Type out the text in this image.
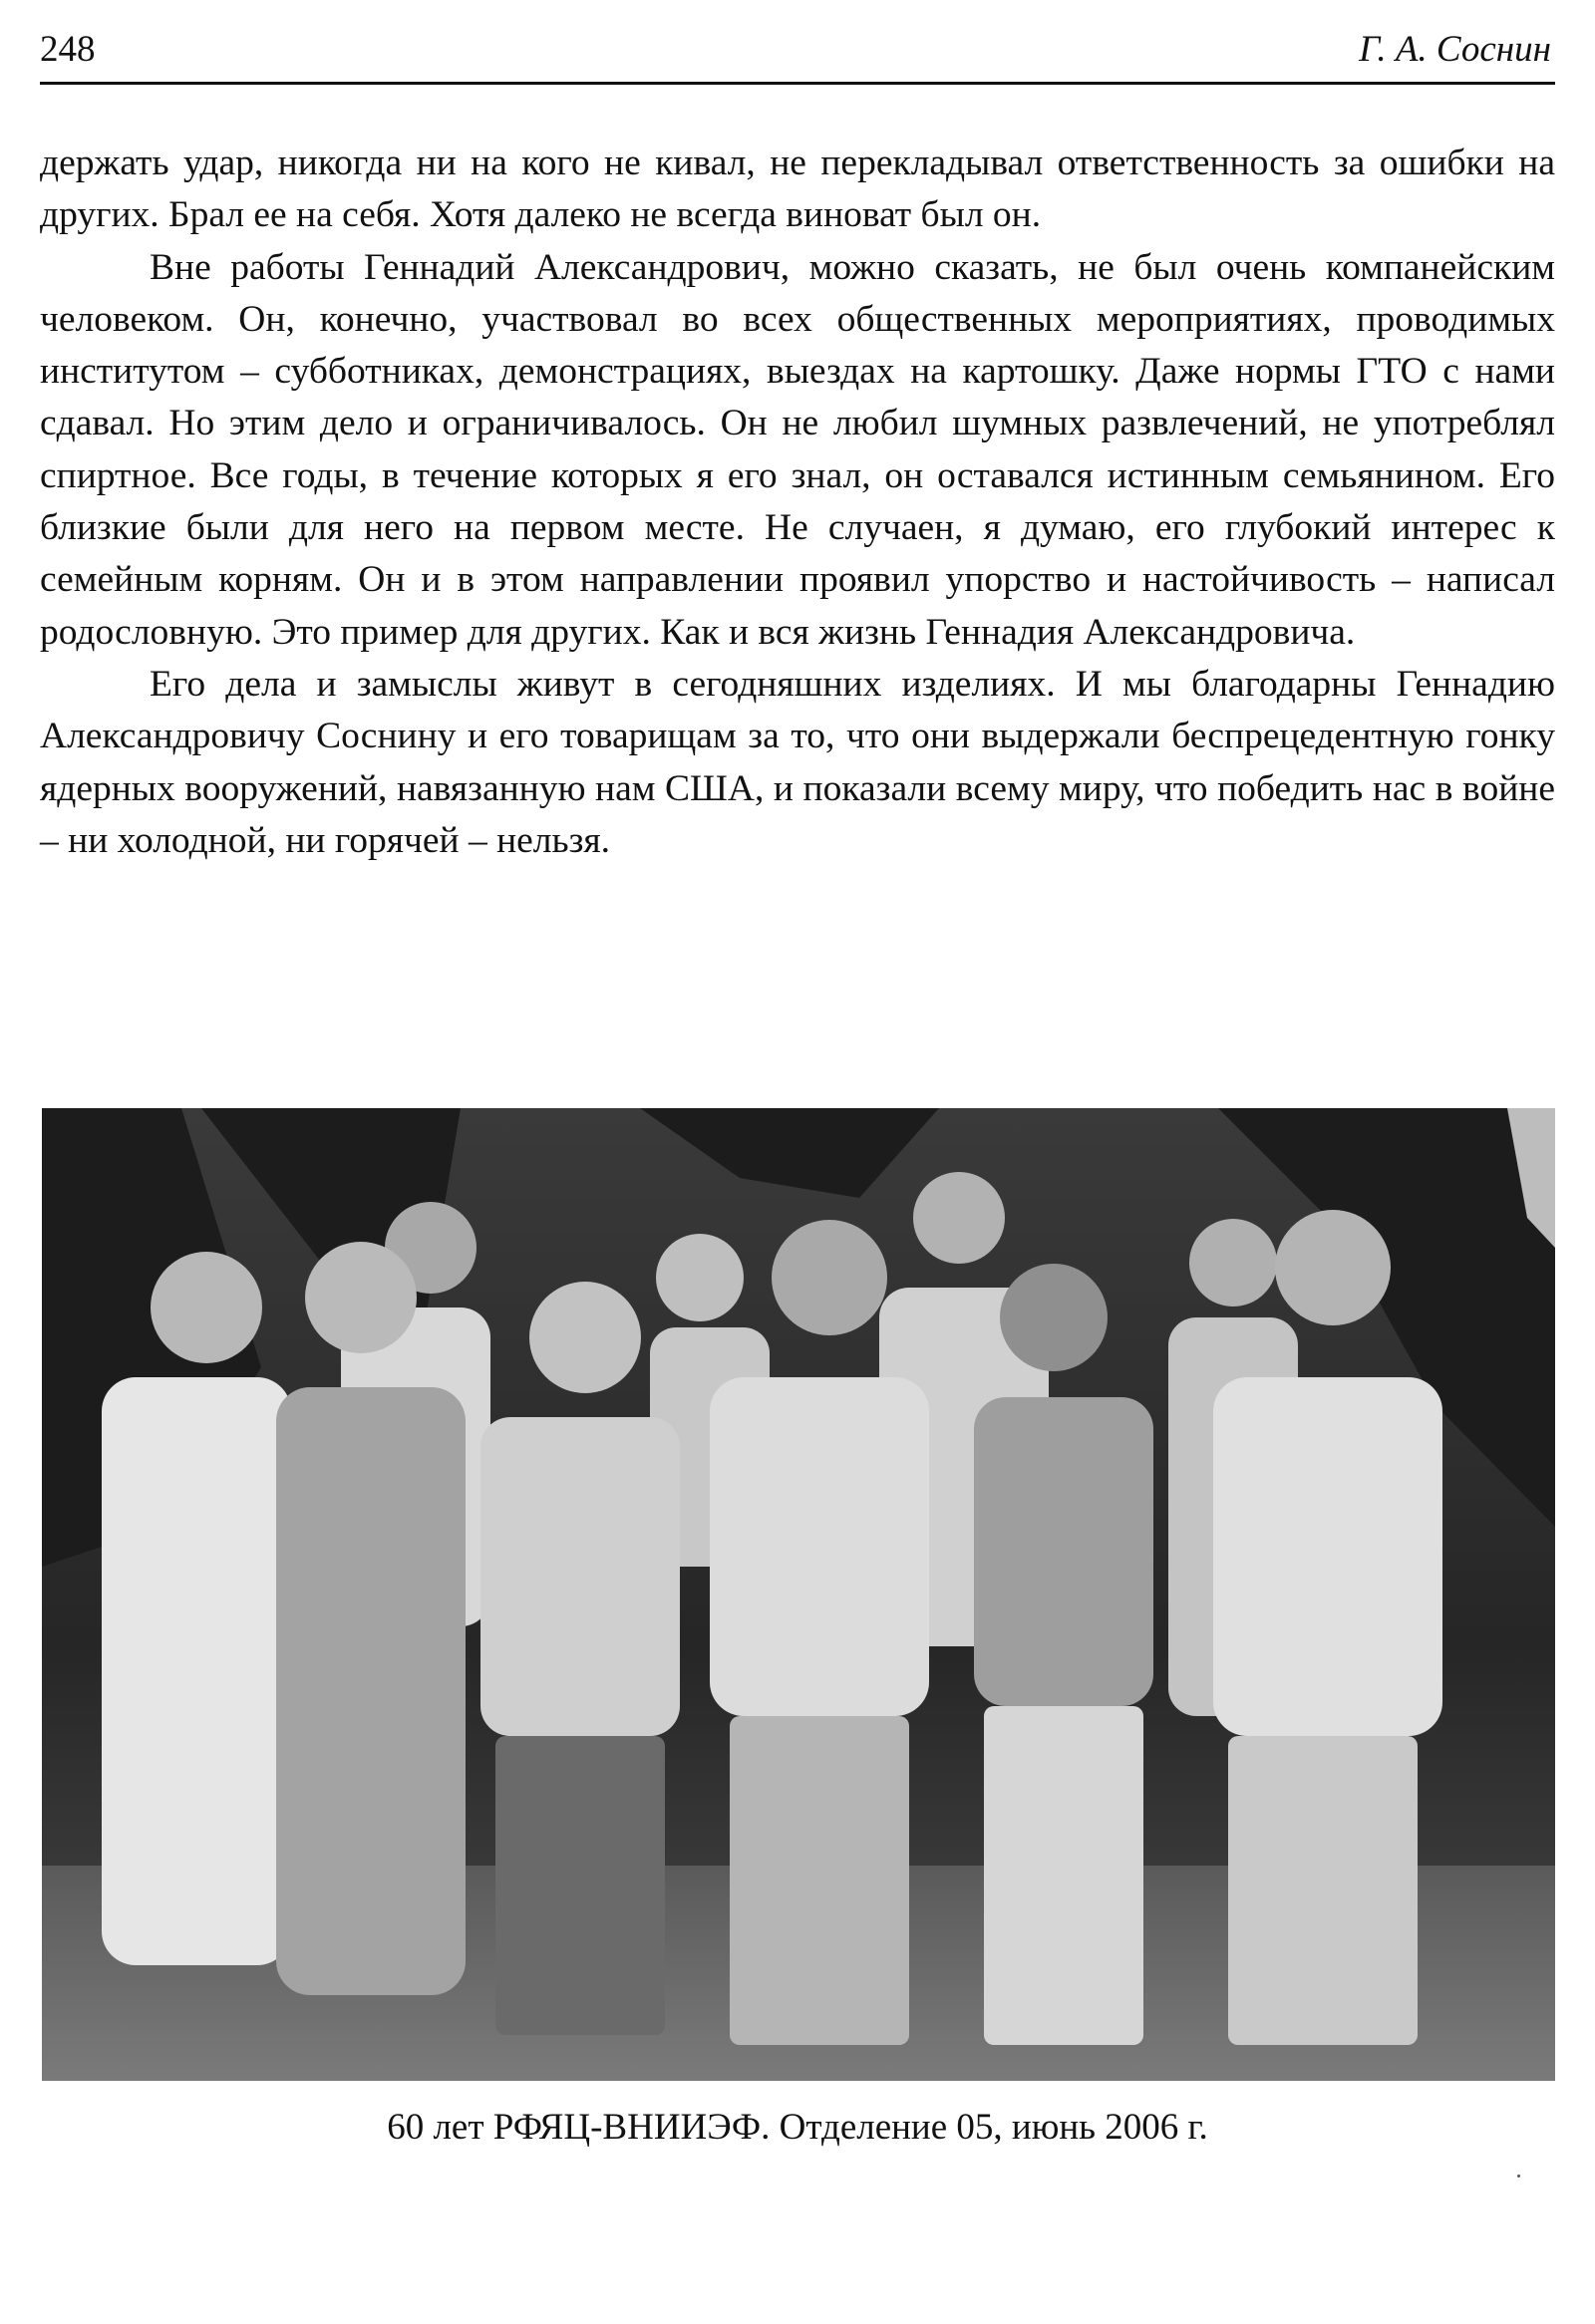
248	Г. А. Соснин

держать удар, никогда ни на кого не кивал, не перекладывал ответственность за ошибки на других. Брал ее на себя. Хотя далеко не всегда виноват был он.

Вне работы Геннадий Александрович, можно сказать, не был очень компанейским человеком. Он, конечно, участвовал во всех общественных мероприятиях, проводимых институтом – субботниках, демонстрациях, выездах на картошку. Даже нормы ГТО с нами сдавал. Но этим дело и ограничивалось. Он не любил шумных развлечений, не употреблял спиртное. Все годы, в течение которых я его знал, он оставался истинным семьянином. Его близкие были для него на первом месте. Не случаен, я думаю, его глубокий интерес к семейным корням. Он и в этом направлении проявил упорство и настойчивость – написал родословную. Это пример для других. Как и вся жизнь Геннадия Александровича.

Его дела и замыслы живут в сегодняшних изделиях. И мы благодарны Геннадию Александровичу Соснину и его товарищам за то, что они выдержали беспрецедентную гонку ядерных вооружений, навязанную нам США, и показали всему миру, что победить нас в войне – ни холодной, ни горячей – нельзя.

60 лет РФЯЦ-ВНИИЭФ. Отделение 05, июнь 2006 г.
